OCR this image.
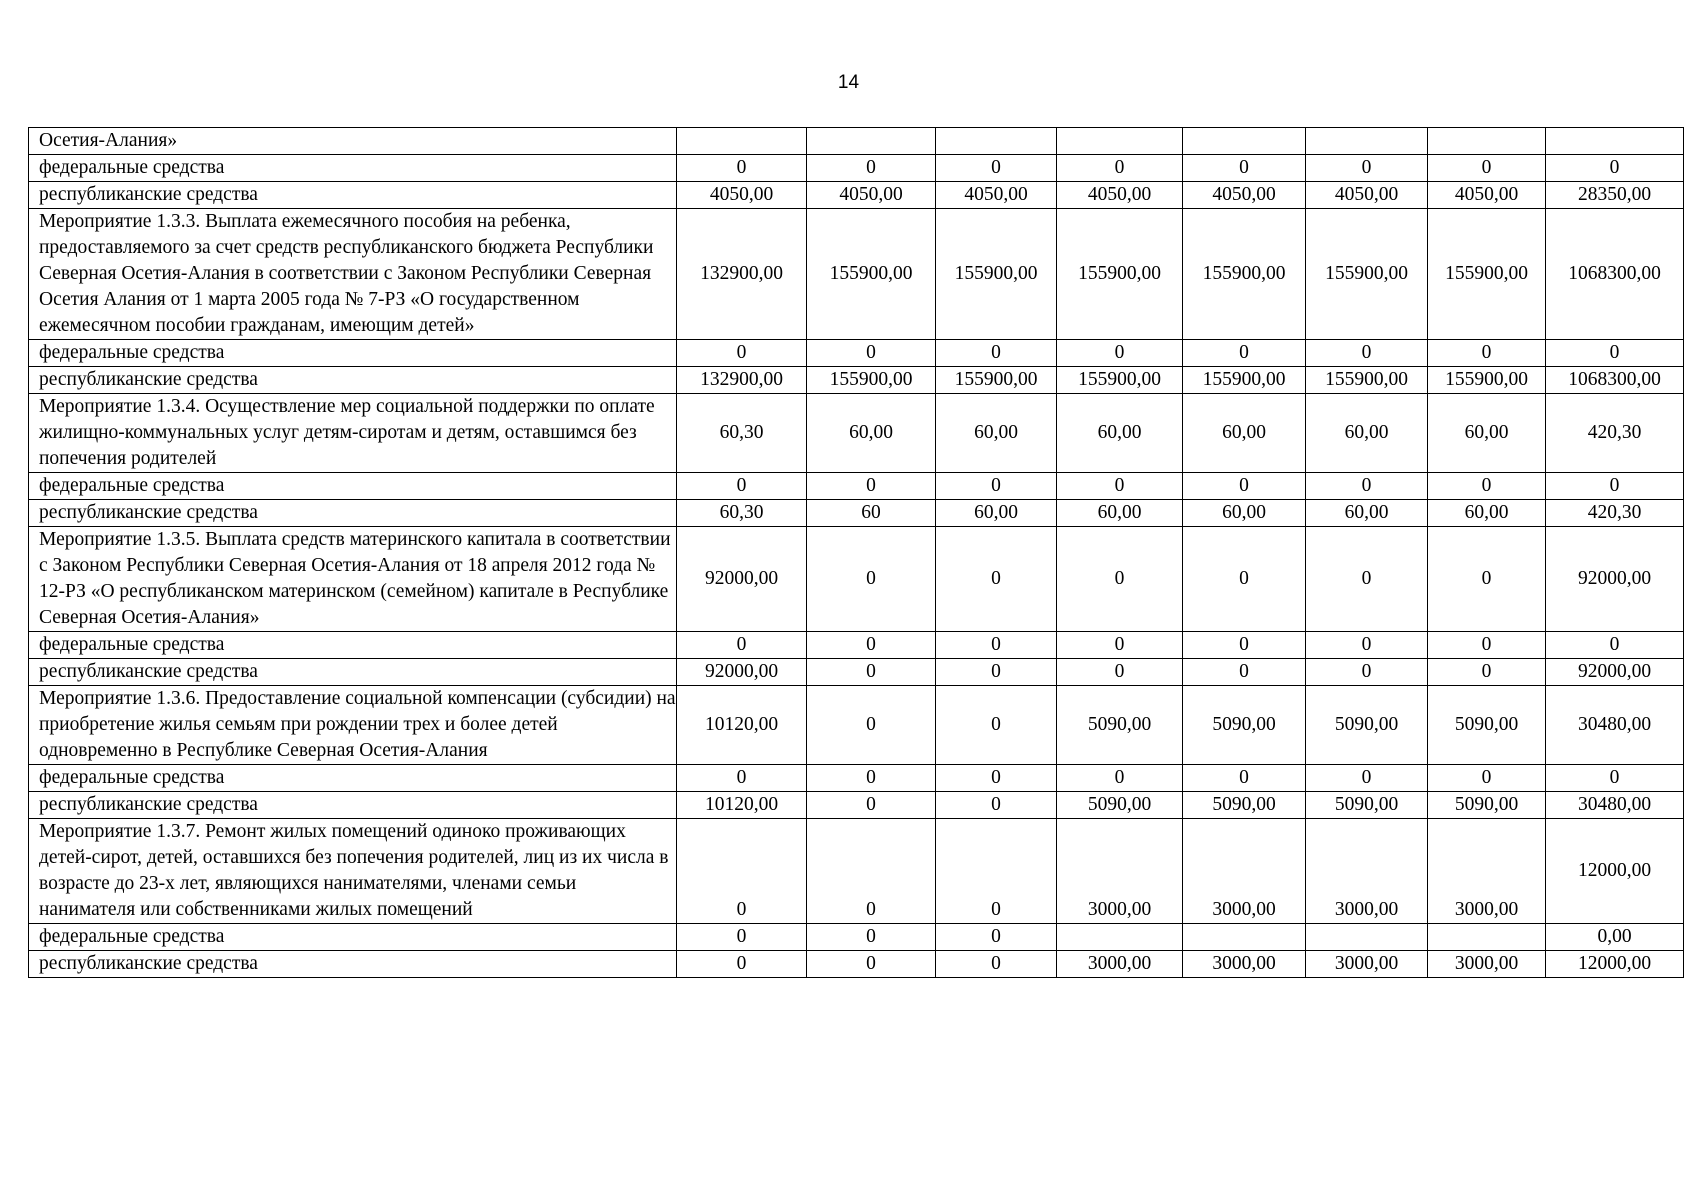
14
Осетия-Алания»								
федеральные средства	0	0	0	0	0	0	0	0
республиканские средства	4050,00	4050,00	4050,00	4050,00	4050,00	4050,00	4050,00	28350,00
Мероприятие 1.3.3. Выплата ежемесячного пособия на ребенка, предоставляемого за счет средств республиканского бюджета Республики Северная Осетия-Алания в соответствии с Законом Республики Северная Осетия Алания от 1 марта 2005 года № 7-РЗ «О государственном ежемесячном пособии гражданам, имеющим детей»	132900,00	155900,00	155900,00	155900,00	155900,00	155900,00	155900,00	1068300,00
федеральные средства	0	0	0	0	0	0	0	0
республиканские средства	132900,00	155900,00	155900,00	155900,00	155900,00	155900,00	155900,00	1068300,00
Мероприятие 1.3.4. Осуществление мер социальной поддержки по оплате жилищно-коммунальных услуг детям-сиротам и детям, оставшимся без попечения родителей	60,30	60,00	60,00	60,00	60,00	60,00	60,00	420,30
федеральные средства	0	0	0	0	0	0	0	0
республиканские средства	60,30	60	60,00	60,00	60,00	60,00	60,00	420,30
Мероприятие 1.3.5. Выплата средств материнского капитала в соответствии с Законом Республики Северная Осетия-Алания от 18 апреля 2012 года № 12-РЗ «О республиканском материнском (семейном) капитале в Республике Северная Осетия-Алания»	92000,00	0	0	0	0	0	0	92000,00
федеральные средства	0	0	0	0	0	0	0	0
республиканские средства	92000,00	0	0	0	0	0	0	92000,00
Мероприятие 1.3.6. Предоставление социальной компенсации (субсидии) на приобретение жилья семьям при рождении трех и более детей одновременно в Республике Северная Осетия-Алания	10120,00	0	0	5090,00	5090,00	5090,00	5090,00	30480,00
федеральные средства	0	0	0	0	0	0	0	0
республиканские средства	10120,00	0	0	5090,00	5090,00	5090,00	5090,00	30480,00
Мероприятие 1.3.7. Ремонт жилых помещений одиноко проживающих детей-сирот, детей, оставшихся без попечения родителей, лиц из их числа в возрасте до 23-х лет, являющихся нанимателями, членами семьи нанимателя или собственниками жилых помещений	0	0	0	3000,00	3000,00	3000,00	3000,00	12000,00
федеральные средства	0	0	0					0,00
республиканские средства	0	0	0	3000,00	3000,00	3000,00	3000,00	12000,00
